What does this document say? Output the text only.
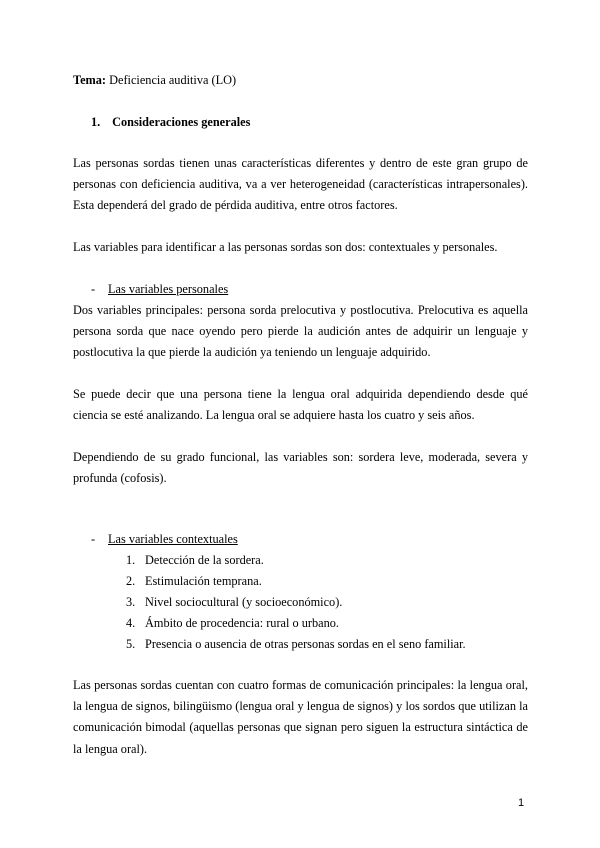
Tema: Deficiencia auditiva (LO)
1. Consideraciones generales
Las personas sordas tienen unas características diferentes y dentro de este gran grupo de personas con deficiencia auditiva, va a ver heterogeneidad (características intrapersonales). Esta dependerá del grado de pérdida auditiva, entre otros factores.
Las variables para identificar a las personas sordas son dos: contextuales y personales.
- Las variables personales
Dos variables principales: persona sorda prelocutiva y postlocutiva. Prelocutiva es aquella persona sorda que nace oyendo pero pierde la audición antes de adquirir un lenguaje y postlocutiva la que pierde la audición ya teniendo un lenguaje adquirido.
Se puede decir que una persona tiene la lengua oral adquirida dependiendo desde qué ciencia se esté analizando. La lengua oral se adquiere hasta los cuatro y seis años.
Dependiendo de su grado funcional, las variables son: sordera leve, moderada, severa y profunda (cofosis).
- Las variables contextuales
1. Detección de la sordera.
2. Estimulación temprana.
3. Nivel sociocultural (y socioeconómico).
4. Ámbito de procedencia: rural o urbano.
5. Presencia o ausencia de otras personas sordas en el seno familiar.
Las personas sordas cuentan con cuatro formas de comunicación principales: la lengua oral, la lengua de signos, bilingüismo (lengua oral y lengua de signos) y los sordos que utilizan la comunicación bimodal (aquellas personas que signan pero siguen la estructura sintáctica de la lengua oral).
1
